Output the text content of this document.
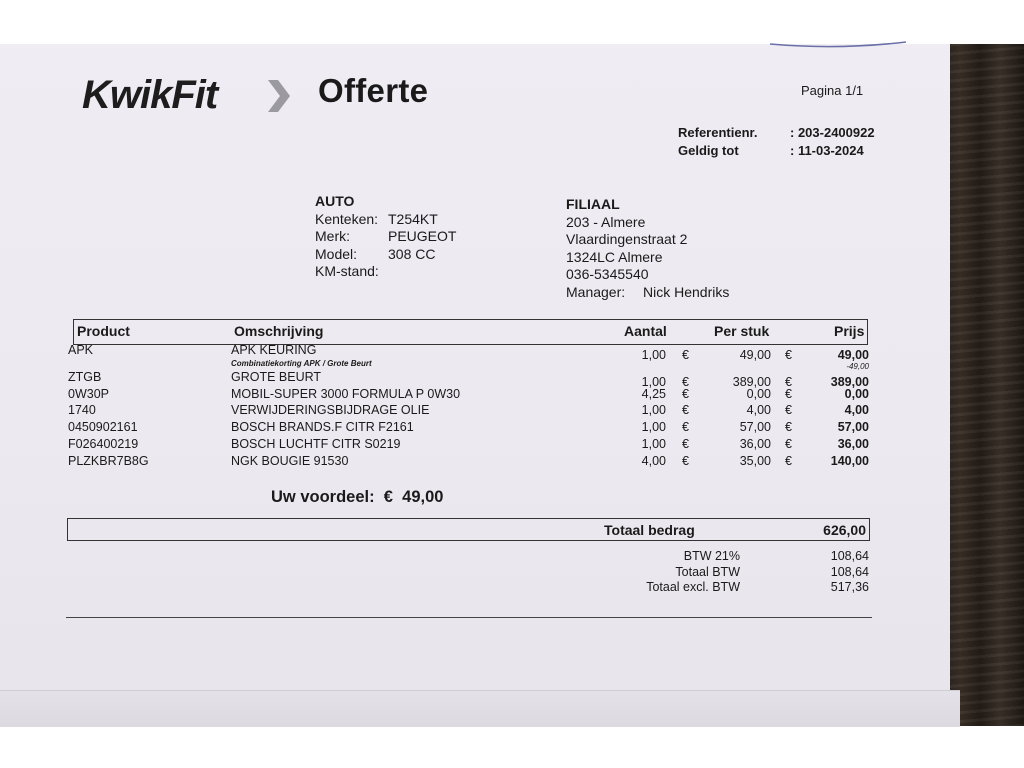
KwikFit	Offerte	Pagina 1/1
Referentienr.	: 203-2400922
Geldig tot	: 11-03-2024
AUTO
Kenteken: T254KT
Merk:	PEUGEOT
Model:	308 CC
KM-stand:
FILIAAL
203 - Almere
Vlaardingenstraat 2
1324LC Almere
036-5345540
Manager:	Nick Hendriks
Product	Omschrijving	Aantal	Per stuk	Prijs
APK	APK KEURING	1,00 €	49,00 €	49,00
Combinatiekorting APK / Grote Beurt	-49,00
ZTGB	GROTE BEURT	1,00 €	389,00 €	389,00
0W30P	MOBIL-SUPER 3000 FORMULA P 0W30	4,25 €	0,00 €	0,00
1740	VERWIJDERINGSBIJDRAGE OLIE	1,00 €	4,00 €	4,00
0450902161	BOSCH BRANDS.F CITR F2161	1,00 €	57,00 €	57,00
F026400219	BOSCH LUCHTF CITR S0219	1,00 €	36,00 €	36,00
PLZKBR7B8G	NGK BOUGIE 91530	4,00 €	35,00 €	140,00
Uw voordeel: € 49,00
Totaal bedrag	626,00
BTW 21%	108,64
Totaal BTW	108,64
Totaal excl. BTW	517,36
